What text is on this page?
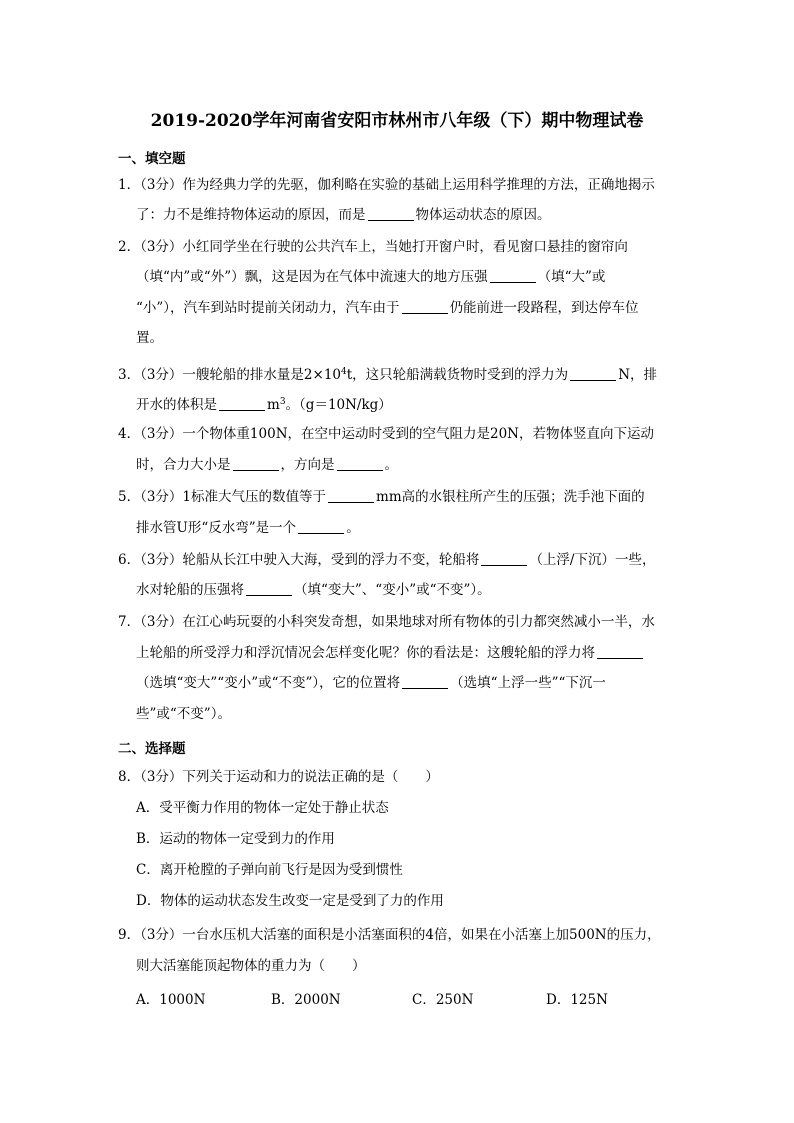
2019-2020学年河南省安阳市林州市八年级（下）期中物理试卷
一、填空题
1．（3分）作为经典力学的先驱，伽利略在实验的基础上运用科学推理的方法，正确地揭示
了：力不是维持物体运动的原因，而是	物体运动状态的原因。
2．（3分）小红同学坐在行驶的公共汽车上，当她打开窗户时，看见窗口悬挂的窗帘向
（填“内”或“外”）飘，这是因为在气体中流速大的地方压强	（填“大”或
“小”），汽车到站时提前关闭动力，汽车由于	仍能前进一段路程，到达停车位
置。
3．（3分）一艘轮船的排水量是$2\times 10^4t$，这只轮船满载货物时受到的浮力为	N，排
开水的体积是	$m^3$。（g＝10N/kg）
4．（3分）一个物体重100N，在空中运动时受到的空气阻力是20N，若物体竖直向下运动
时，合力大小是	，方向是	。
5．（3分）1标准大气压的数值等于	mm高的水银柱所产生的压强；洗手池下面的
排水管U形“反水弯”是一个	。
6．（3分）轮船从长江中驶入大海，受到的浮力不变，轮船将	（上浮/下沉）一些，
水对轮船的压强将	（填“变大”、“变小”或“不变”）。
7．（3分）在江心屿玩耍的小科突发奇想，如果地球对所有物体的引力都突然减小一半，水
上轮船的所受浮力和浮沉情况会怎样变化呢？你的看法是：这艘轮船的浮力将
（选填“变大”“变小”或“不变”），它的位置将	（选填“上浮一些”“下沉一
些”或“不变”）。
二、选择题
8．（3分）下列关于运动和力的说法正确的是（　　）
A．受平衡力作用的物体一定处于静止状态
B．运动的物体一定受到力的作用
C．离开枪膛的子弹向前飞行是因为受到惯性
D．物体的运动状态发生改变一定是受到了力的作用
9．（3分）一台水压机大活塞的面积是小活塞面积的4倍，如果在小活塞上加500N的压力，
则大活塞能顶起物体的重力为（　　）
A．1000N	B．2000N	C．250N	D．125N
